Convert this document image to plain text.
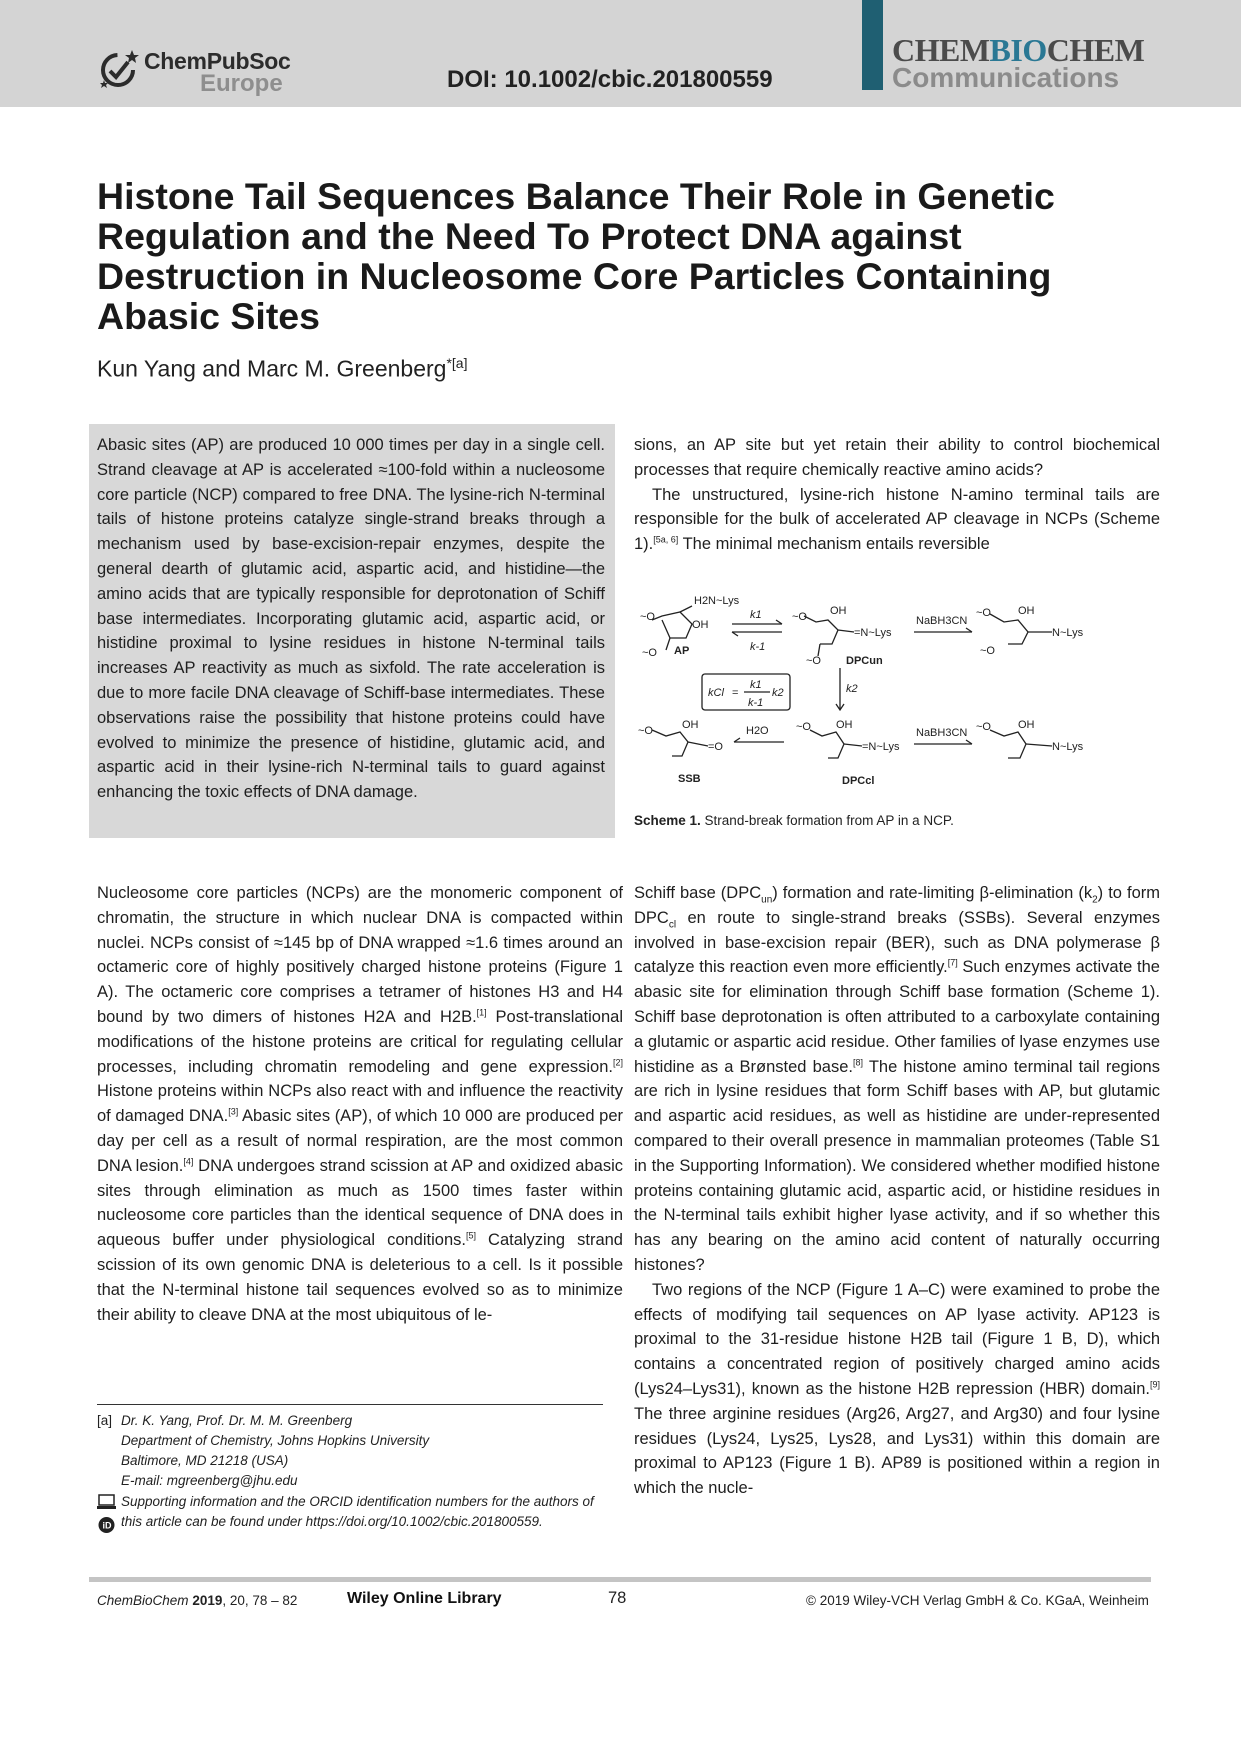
ChemPubSoc
Europe	DOI: 10.1002/cbic.201800559
CHEMBIOCHEM
Communications
Histone Tail Sequences Balance Their Role in Genetic Regulation and the Need To Protect DNA against Destruction in Nucleosome Core Particles Containing Abasic Sites
Kun Yang and Marc M. Greenberg$^{*[a]}$

Abasic sites (AP) are produced 10 000 times per day in a single cell. Strand cleavage at AP is accelerated ≈100-fold within a nucleosome core particle (NCP) compared to free DNA. The lysine-rich N-terminal tails of histone proteins catalyze single-strand breaks through a mechanism used by base-excision-repair enzymes, despite the general dearth of glutamic acid, aspartic acid, and histidine—the amino acids that are typically responsible for deprotonation of Schiff base intermediates. Incorporating glutamic acid, aspartic acid, or histidine proximal to lysine residues in histone N-terminal tails increases AP reactivity as much as sixfold. The rate acceleration is due to more facile DNA cleavage of Schiff-base intermediates. These observations raise the possibility that histone proteins could have evolved to minimize the presence of histidine, glutamic acid, and aspartic acid in their lysine-rich N-terminal tails to guard against enhancing the toxic effects of DNA damage.

sions, an AP site but yet retain their ability to control biochemical processes that require chemically reactive amino acids?

The unstructured, lysine-rich histone N-amino terminal tails are responsible for the bulk of accelerated AP cleavage in NCPs (Scheme 1).[5a, 6] The minimal mechanism entails reversible

~O
~O
H2N~Lys
OH
AP
k1
k-1
~O
~O
OH
=N~Lys
DPCun
NaBH3CN
~O
~O
OH
N~Lys
k2
kCl =
k1
k-1
k2
~O	OH
=O
SSB
H2O ~O OH
=N~Lys
DPCcl
NaBH3CN ~O OH
N~Lys
Scheme 1. Strand-break formation from AP in a NCP.

Nucleosome core particles (NCPs) are the monomeric component of chromatin, the structure in which nuclear DNA is compacted within nuclei. NCPs consist of ≈145 bp of DNA wrapped ≈1.6 times around an octameric core of highly positively charged histone proteins (Figure 1 A). The octameric core comprises a tetramer of histones H3 and H4 bound by two dimers of histones H2A and H2B.[1] Post-translational modifications of the histone proteins are critical for regulating cellular processes, including chromatin remodeling and gene expression.[2] Histone proteins within NCPs also react with and influence the reactivity of damaged DNA.[3] Abasic sites (AP), of which 10 000 are produced per day per cell as a result of normal respiration, are the most common DNA lesion.[4] DNA undergoes strand scission at AP and oxidized abasic sites through elimination as much as 1500 times faster within nucleosome core particles than the identical sequence of DNA does in aqueous buffer under physiological conditions.[5] Catalyzing strand scission of its own genomic DNA is deleterious to a cell. Is it possible that the N-terminal histone tail sequences evolved so as to minimize their ability to cleave DNA at the most ubiquitous of le-

Schiff base $(DPC_{un})$ formation and rate-limiting β-elimination $(k_2)$ to form $DPC_{cl}$ en route to single-strand breaks (SSBs). Several enzymes involved in base-excision repair (BER), such as DNA polymerase β catalyze this reaction even more efficiently.[7] Such enzymes activate the abasic site for elimination through Schiff base formation (Scheme 1). Schiff base deprotonation is often attributed to a carboxylate containing a glutamic or aspartic acid residue. Other families of lyase enzymes use histidine as a Brønsted base.[8] The histone amino terminal tail regions are rich in lysine residues that form Schiff bases with AP, but glutamic and aspartic acid residues, as well as histidine are under-represented compared to their overall presence in mammalian proteomes (Table S1 in the Supporting Information). We considered whether modified histone proteins containing glutamic acid, aspartic acid, or histidine residues in the N-terminal tails exhibit higher lyase activity, and if so whether this has any bearing on the amino acid content of naturally occurring histones?

Two regions of the NCP (Figure 1 A–C) were examined to probe the effects of modifying tail sequences on AP lyase activity. AP123 is proximal to the 31-residue histone H2B tail (Figure 1 B, D), which contains a concentrated region of positively charged amino acids (Lys24–Lys31), known as the histone H2B repression (HBR) domain.[9] The three arginine residues (Arg26, Arg27, and Arg30) and four lysine residues (Lys24, Lys25, Lys28, and Lys31) within this domain are proximal to AP123 (Figure 1 B). AP89 is positioned within a region in which the nucle-

[a] Dr. K. Yang, Prof. Dr. M. M. Greenberg
Department of Chemistry, Johns Hopkins University
Baltimore, MD 21218 (USA)
E-mail: mgreenberg@jhu.edu
iD
Supporting information and the ORCID identification numbers for the authors of this article can be found under https://doi.org/10.1002/cbic.201800559.
ChemBioChem 2019, 20, 78 – 82	Wiley Online Library	78	© 2019 Wiley-VCH Verlag GmbH & Co. KGaA, Weinheim
